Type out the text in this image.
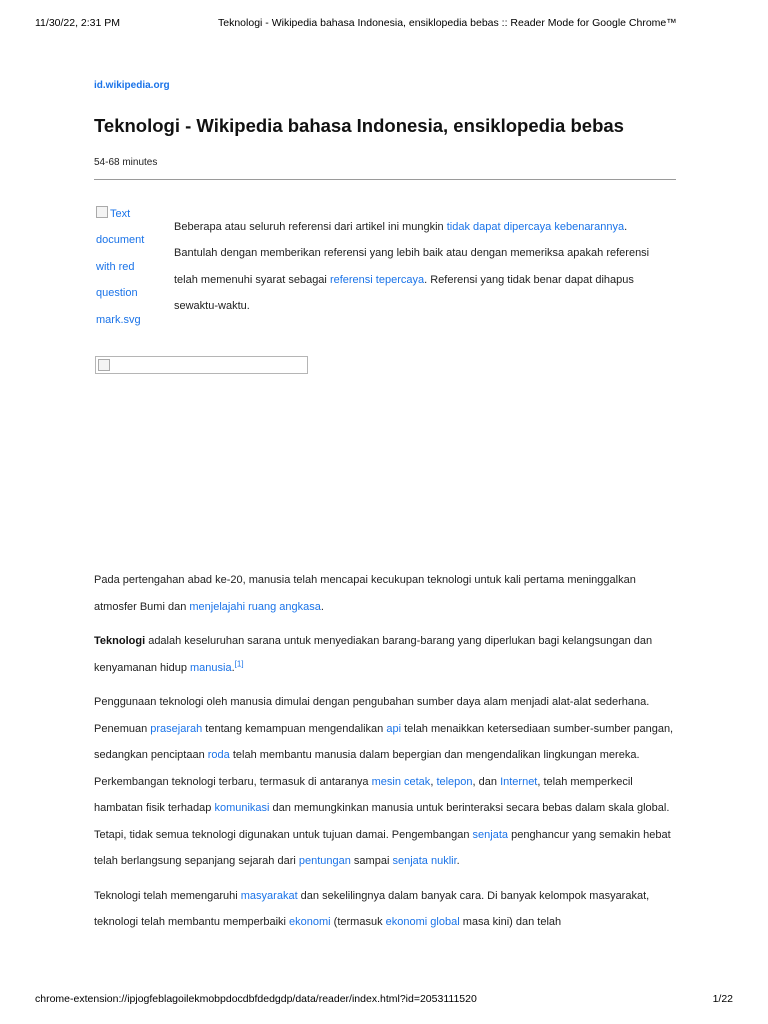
11/30/22, 2:31 PM	Teknologi - Wikipedia bahasa Indonesia, ensiklopedia bebas :: Reader Mode for Google Chrome™
id.wikipedia.org
Teknologi - Wikipedia bahasa Indonesia, ensiklopedia bebas
54-68 minutes
Text document with red question mark.svg
Beberapa atau seluruh referensi dari artikel ini mungkin tidak dapat dipercaya kebenarannya. Bantulah dengan memberikan referensi yang lebih baik atau dengan memeriksa apakah referensi telah memenuhi syarat sebagai referensi tepercaya. Referensi yang tidak benar dapat dihapus sewaktu-waktu.

Pada pertengahan abad ke-20, manusia telah mencapai kecukupan teknologi untuk kali pertama meninggalkan atmosfer Bumi dan menjelajahi ruang angkasa.

Teknologi adalah keseluruhan sarana untuk menyediakan barang-barang yang diperlukan bagi kelangsungan dan kenyamanan hidup manusia.[1]

Penggunaan teknologi oleh manusia dimulai dengan pengubahan sumber daya alam menjadi alat-alat sederhana. Penemuan prasejarah tentang kemampuan mengendalikan api telah menaikkan ketersediaan sumber-sumber pangan, sedangkan penciptaan roda telah membantu manusia dalam bepergian dan mengendalikan lingkungan mereka. Perkembangan teknologi terbaru, termasuk di antaranya mesin cetak, telepon, dan Internet, telah memperkecil hambatan fisik terhadap komunikasi dan memungkinkan manusia untuk berinteraksi secara bebas dalam skala global. Tetapi, tidak semua teknologi digunakan untuk tujuan damai. Pengembangan senjata penghancur yang semakin hebat telah berlangsung sepanjang sejarah dari pentungan sampai senjata nuklir.

Teknologi telah memengaruhi masyarakat dan sekelilingnya dalam banyak cara. Di banyak kelompok masyarakat, teknologi telah membantu memperbaiki ekonomi (termasuk ekonomi global masa kini) dan telah

chrome-extension://ipjogfeblagoilekmobpdocdbfdedgdp/data/reader/index.html?id=2053111520	1/22
